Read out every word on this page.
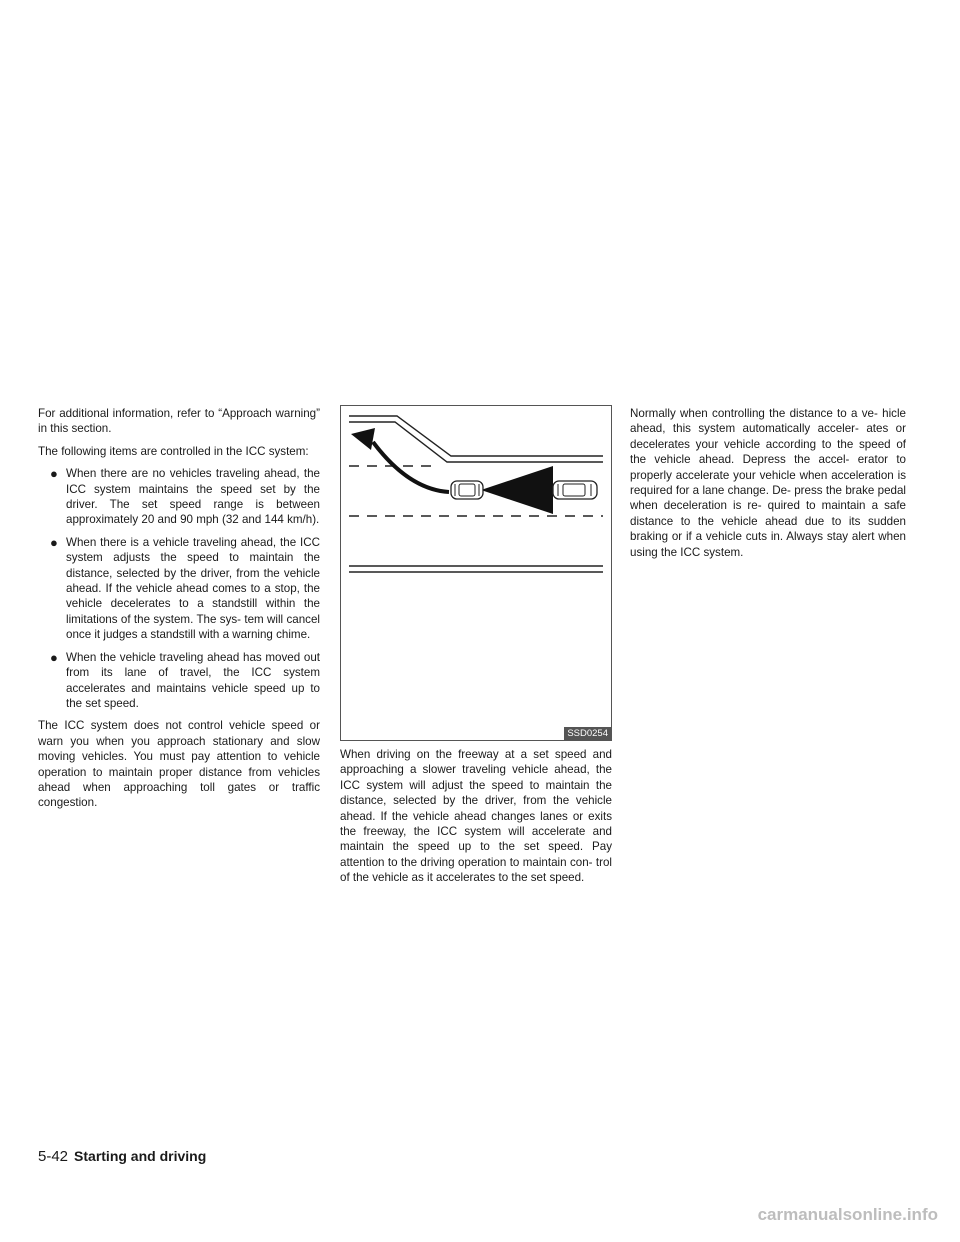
For additional information, refer to “Approach warning” in this section.

The following items are controlled in the ICC system:

● When there are no vehicles traveling ahead, the ICC system maintains the speed set by the driver. The set speed range is between approximately 20 and 90 mph (32 and 144 km/h).
● When there is a vehicle traveling ahead, the ICC system adjusts the speed to maintain the distance, selected by the driver, from the vehicle ahead. If the vehicle ahead comes to a stop, the vehicle decelerates to a standstill within the limitations of the system. The sys- tem will cancel once it judges a standstill with a warning chime.
● When the vehicle traveling ahead has moved out from its lane of travel, the ICC system accelerates and maintains vehicle speed up to the set speed.

The ICC system does not control vehicle speed or warn you when you approach stationary and slow moving vehicles. You must pay attention to vehicle operation to maintain proper distance from vehicles ahead when approaching toll gates or traffic congestion.

SSD0254

When driving on the freeway at a set speed and approaching a slower traveling vehicle ahead, the ICC system will adjust the speed to maintain the distance, selected by the driver, from the vehicle ahead. If the vehicle ahead changes lanes or exits the freeway, the ICC system will accelerate and maintain the speed up to the set speed. Pay attention to the driving operation to maintain con- trol of the vehicle as it accelerates to the set speed.

Normally when controlling the distance to a ve- hicle ahead, this system automatically acceler- ates or decelerates your vehicle according to the speed of the vehicle ahead. Depress the accel- erator to properly accelerate your vehicle when acceleration is required for a lane change. De- press the brake pedal when deceleration is re- quired to maintain a safe distance to the vehicle ahead due to its sudden braking or if a vehicle cuts in. Always stay alert when using the ICC system.

5-42 Starting and driving
carmanualsonline.info
